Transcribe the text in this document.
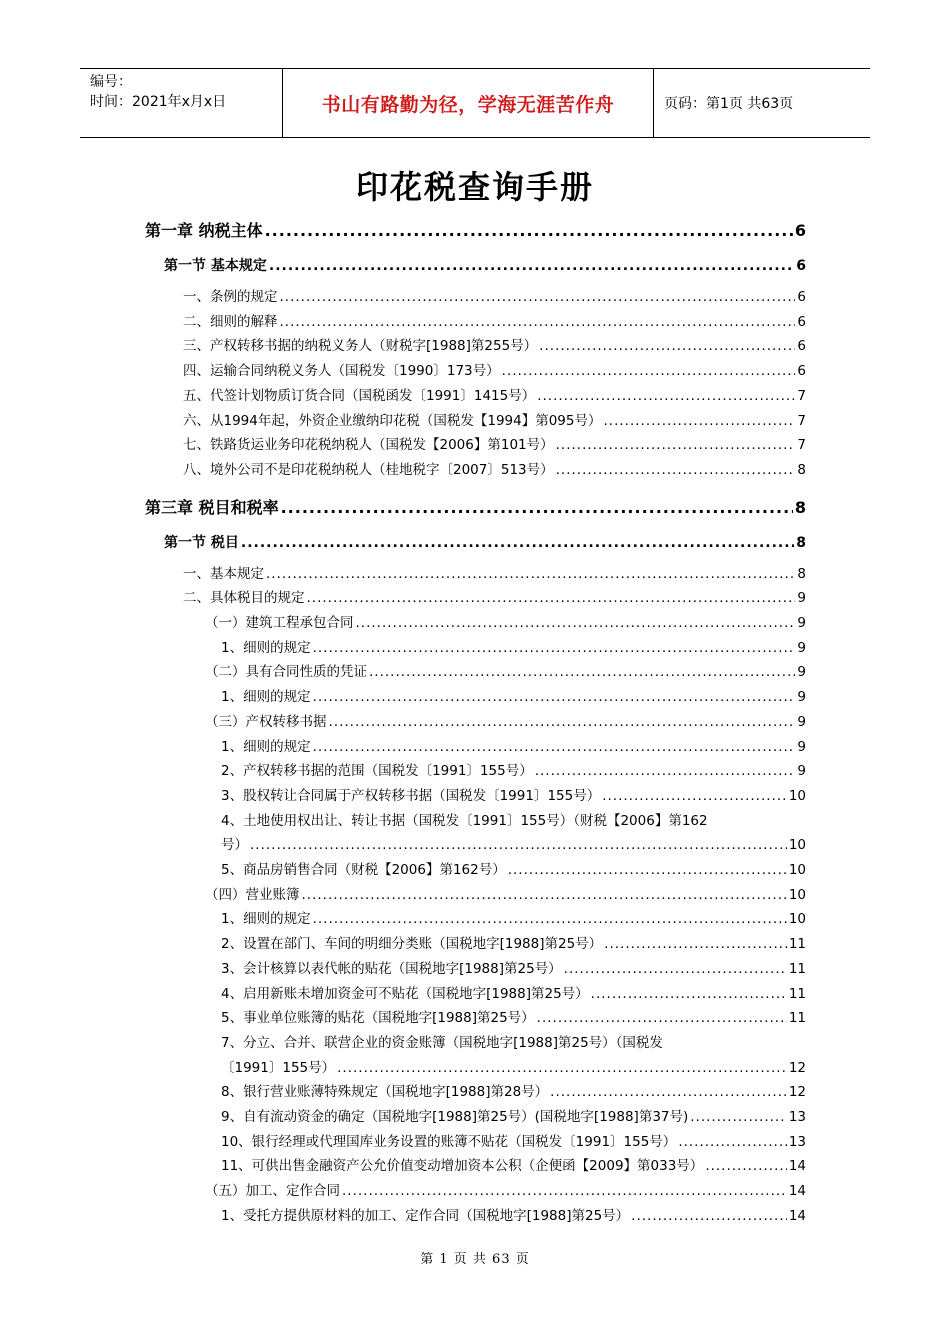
编号：
时间：2021年x月x日	书山有路勤为径，学海无涯苦作舟	页码：第1页 共63页
印花税查询手册
第一章 纳税主体 .....	6
第一节 基本规定 .....	6
一、条例的规定 .....	6
二、细则的解释 .....	6
三、产权转移书据的纳税义务人（财税字[1988]第255号） .....	6
四、运输合同纳税义务人（国税发〔1990〕173号） .....	6
五、代签计划物质订货合同（国税函发〔1991〕1415号） .....	7
六、从1994年起，外资企业缴纳印花税（国税发【1994】第095号） .....	7
七、铁路货运业务印花税纳税人（国税发【2006】第101号） .....	7
八、境外公司不是印花税纳税人（桂地税字〔2007〕513号） .....	8
第三章 税目和税率 .....	8
第一节 税目 .....	8
一、基本规定 .....	8
二、具体税目的规定 .....	9
（一）建筑工程承包合同 .....	9
1、细则的规定 .....	9
（二）具有合同性质的凭证 .....	9
1、细则的规定 .....	9
（三）产权转移书据 .....	9
1、细则的规定 .....	9
2、产权转移书据的范围（国税发〔1991〕155号） .....	9
3、股权转让合同属于产权转移书据（国税发〔1991〕155号） .....	10
4、土地使用权出让、转让书据（国税发〔1991〕155号）（财税【2006】第162
号） .....	10
5、商品房销售合同（财税【2006】第162号） .....	10
（四）营业账簿 .....	10
1、细则的规定 .....	10
2、设置在部门、车间的明细分类账（国税地字[1988]第25号） .....	11
3、会计核算以表代帐的贴花（国税地字[1988]第25号） .....	11
4、启用新账未增加资金可不贴花（国税地字[1988]第25号） .....	11
5、事业单位账簿的贴花（国税地字[1988]第25号） .....	11
7、分立、合并、联营企业的资金账簿（国税地字[1988]第25号）（国税发
〔1991〕155号） .....	12
8、银行营业账薄特殊规定（国税地字[1988]第28号） .....	12
9、自有流动资金的确定（国税地字[1988]第25号）(国税地字[1988]第37号) .....	13
10、银行经理或代理国库业务设置的账簿不贴花（国税发〔1991〕155号） .....	13
11、可供出售金融资产公允价值变动增加资本公积（企便函【2009】第033号） .....	14
（五）加工、定作合同 .....	14
1、受托方提供原材料的加工、定作合同（国税地字[1988]第25号） .....	14
第 1 页 共 63 页
